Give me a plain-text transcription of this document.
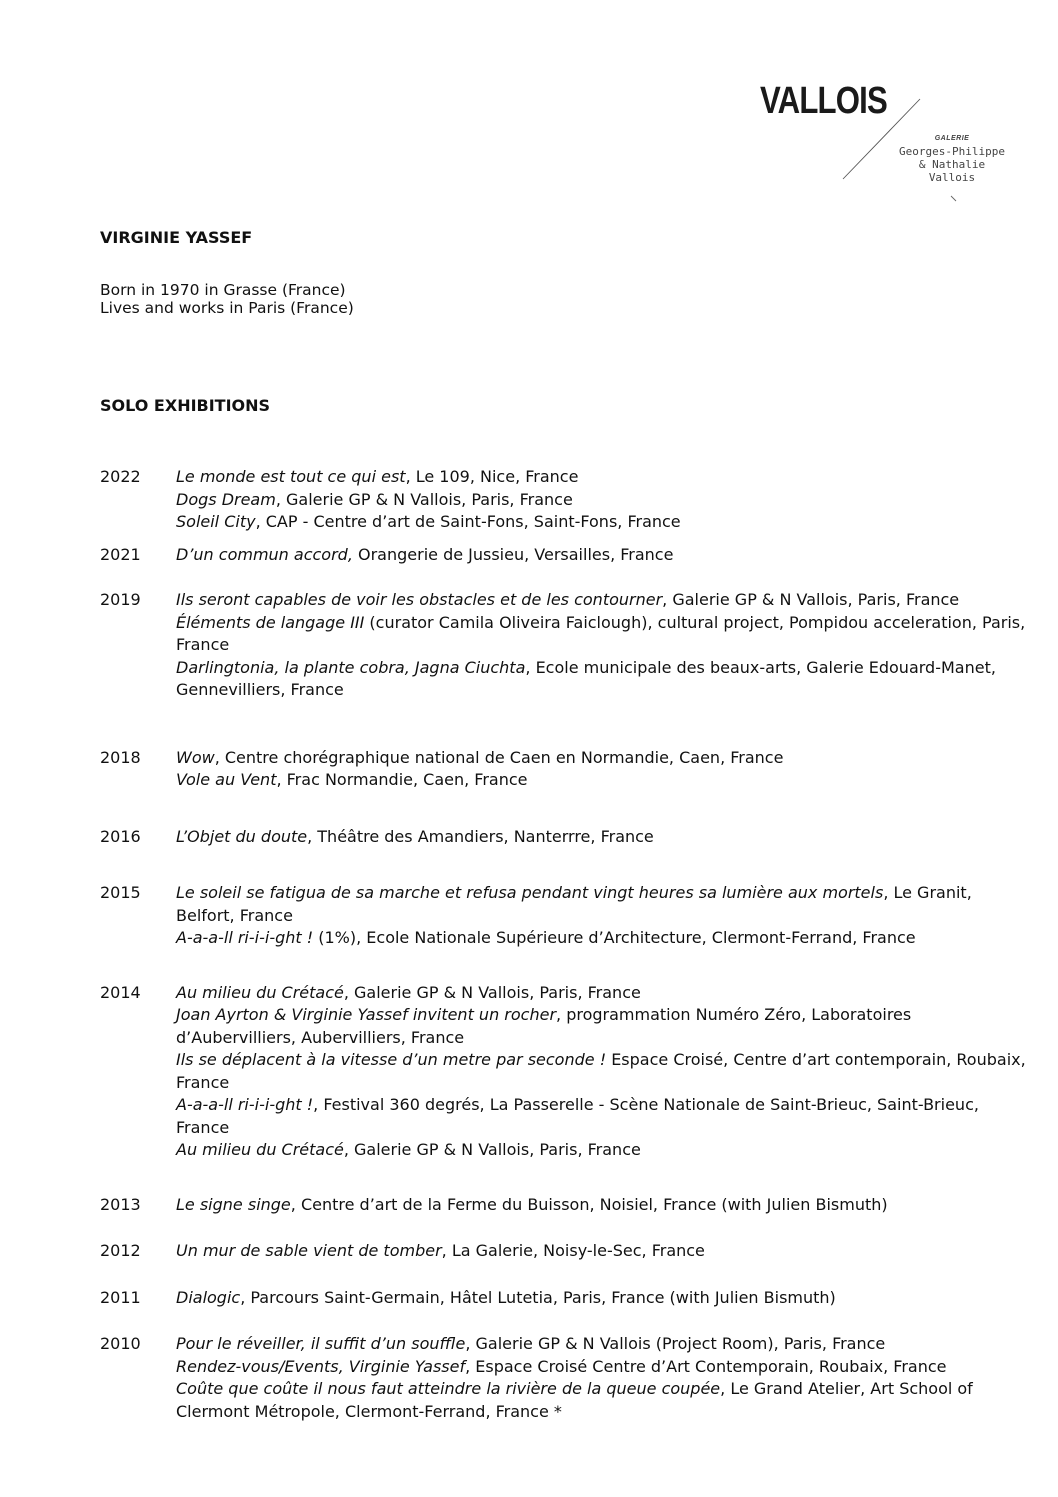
VALLOIS
GALERIE
Georges-Philippe
& Nathalie
Vallois
VIRGINIE YASSEF
Born in 1970 in Grasse (France)
Lives and works in Paris (France)
SOLO EXHIBITIONS
2022	Le monde est tout ce qui est, Le 109, Nice, France
Dogs Dream, Galerie GP & N Vallois, Paris, France
Soleil City, CAP - Centre d’art de Saint-Fons, Saint-Fons, France
2021	D’un commun accord, Orangerie de Jussieu, Versailles, France
2019	Ils seront capables de voir les obstacles et de les contourner, Galerie GP & N Vallois, Paris, France
Éléments de langage III (curator Camila Oliveira Faiclough), cultural project, Pompidou acceleration, Paris, France
Darlingtonia, la plante cobra, Jagna Ciuchta, Ecole municipale des beaux-arts, Galerie Edouard-Manet, Gennevilliers, France
2018	Wow, Centre chorégraphique national de Caen en Normandie, Caen, France
Vole au Vent, Frac Normandie, Caen, France
2016	L’Objet du doute, Théâtre des Amandiers, Nanterrre, France
2015	Le soleil se fatigua de sa marche et refusa pendant vingt heures sa lumière aux mortels, Le Granit, Belfort, France
A-a-a-ll ri-i-i-ght ! (1%), Ecole Nationale Supérieure d’Architecture, Clermont-Ferrand, France
2014	Au milieu du Crétacé, Galerie GP & N Vallois, Paris, France
Joan Ayrton & Virginie Yassef invitent un rocher, programmation Numéro Zéro, Laboratoires d’Aubervilliers, Aubervilliers, France
Ils se déplacent à la vitesse d’un metre par seconde ! Espace Croisé, Centre d’art contemporain, Roubaix, France
A-a-a-ll ri-i-i-ght !, Festival 360 degrés, La Passerelle - Scène Nationale de Saint-Brieuc, Saint-Brieuc, France
Au milieu du Crétacé, Galerie GP & N Vallois, Paris, France
2013	Le signe singe, Centre d’art de la Ferme du Buisson, Noisiel, France (with Julien Bismuth)
2012	Un mur de sable vient de tomber, La Galerie, Noisy-le-Sec, France
2011	Dialogic, Parcours Saint-Germain, Hâtel Lutetia, Paris, France (with Julien Bismuth)
2010	Pour le réveiller, il suffit d’un souffle, Galerie GP & N Vallois (Project Room), Paris, France
Rendez-vous/Events, Virginie Yassef, Espace Croisé Centre d’Art Contemporain, Roubaix, France
Coûte que coûte il nous faut atteindre la rivière de la queue coupée, Le Grand Atelier, Art School of Clermont Métropole, Clermont-Ferrand, France *
